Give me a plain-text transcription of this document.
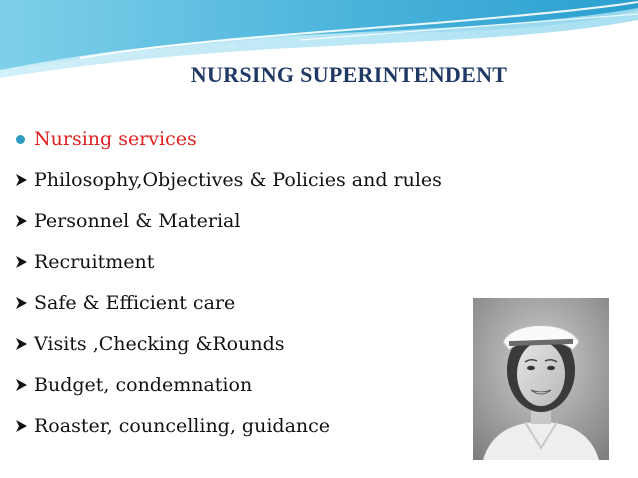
NURSING SUPERINTENDENT
Nursing services
Philosophy,Objectives & Policies and rules
Personnel & Material
Recruitment
Safe & Efficient care
Visits ,Checking &Rounds
Budget, condemnation
Roaster, councelling, guidance
